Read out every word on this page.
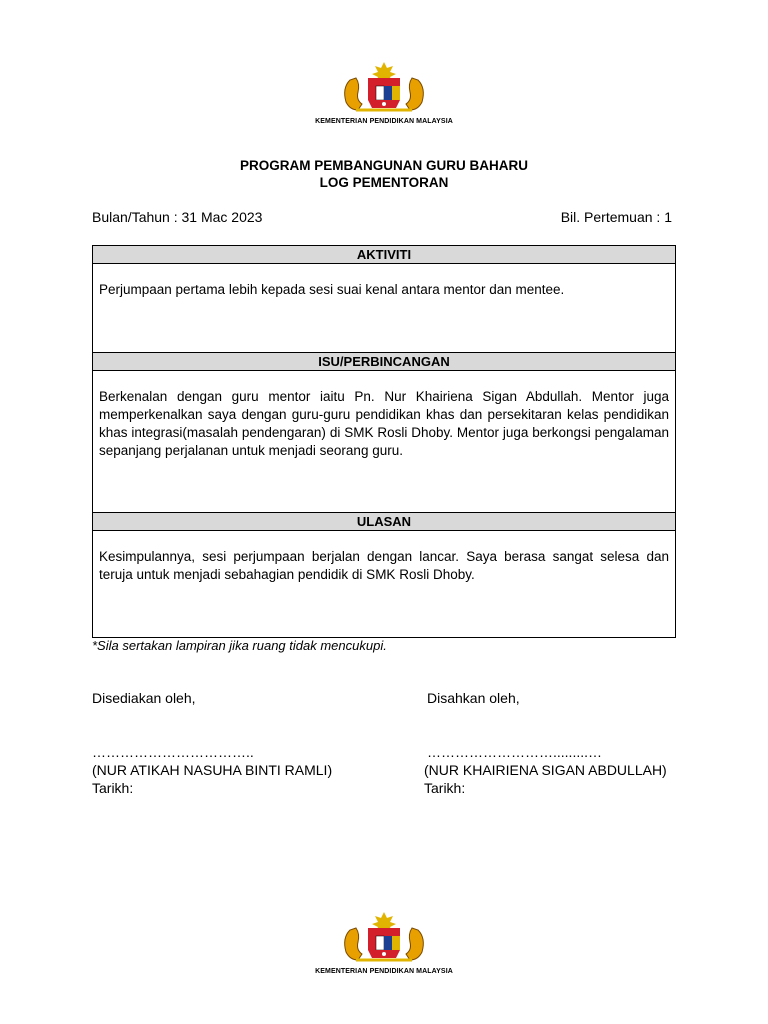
KEMENTERIAN PENDIDIKAN MALAYSIA
PROGRAM PEMBANGUNAN GURU BAHARU
LOG PEMENTORAN
Bulan/Tahun : 31 Mac 2023	Bil. Pertemuan : 1
AKTIVITI
Perjumpaan pertama lebih kepada sesi suai kenal antara mentor dan mentee.
ISU/PERBINCANGAN
Berkenalan dengan guru mentor iaitu Pn. Nur Khairiena Sigan Abdullah. Mentor juga memperkenalkan saya dengan guru-guru pendidikan khas dan persekitaran kelas pendidikan khas integrasi(masalah pendengaran) di SMK Rosli Dhoby. Mentor juga berkongsi pengalaman sepanjang perjalanan untuk menjadi seorang guru.
ULASAN
Kesimpulannya, sesi perjumpaan berjalan dengan lancar. Saya berasa sangat selesa dan teruja untuk menjadi sebahagian pendidik di SMK Rosli Dhoby.
*Sila sertakan lampiran jika ruang tidak mencukupi.
Disediakan oleh,	Disahkan oleh,
……………………………..
(NUR ATIKAH NASUHA BINTI RAMLI)
Tarikh:
……………………….........…
(NUR KHAIRIENA SIGAN ABDULLAH)
Tarikh:
KEMENTERIAN PENDIDIKAN MALAYSIA
